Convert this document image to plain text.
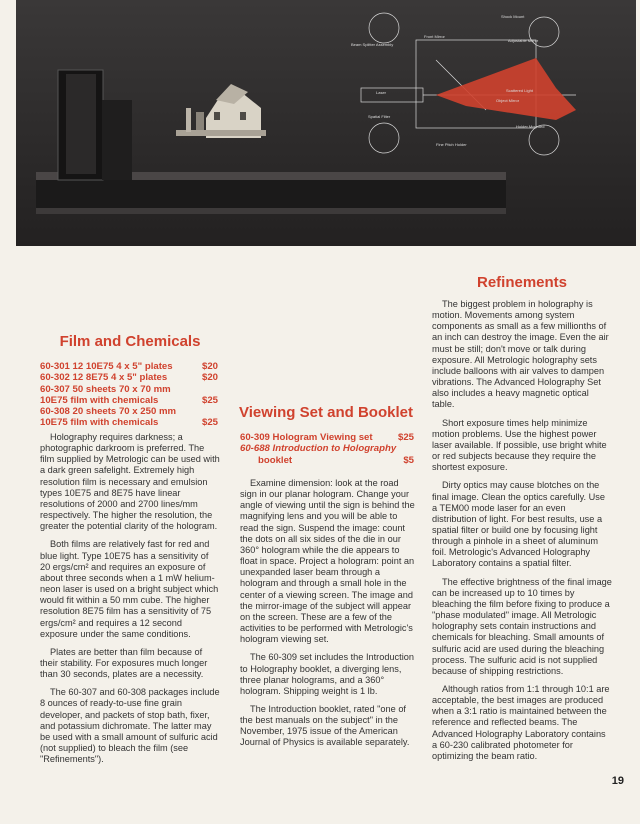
Shock Mount
Beam Splitter Assembly
Front Mirror
Adjustable Mirror
Laser	Scattered Light
Spatial Filter
Object Mirror
Fine Pitch Holder
Holder Mounted
Film and Chemicals
60-301 12 10E75 4 x 5" plates	$20
60-302 12 8E75 4 x 5" plates	$20
60-307 50 sheets 70 x 70 mm
10E75 film with chemicals	$25
60-308 20 sheets 70 x 250 mm
10E75 film with chemicals	$25

Holography requires darkness; a photographic darkroom is preferred. The film supplied by Metrologic can be used with a dark green safelight. Extremely high resolution film is necessary and emulsion types 10E75 and 8E75 have linear resolutions of 2000 and 2700 lines/mm respectively. The higher the resolution, the greater the potential clarity of the hologram.

Both films are relatively fast for red and blue light. Type 10E75 has a sensitivity of 20 ergs/cm² and requires an exposure of about three seconds when a 1 mW helium-neon laser is used on a bright subject which would fit within a 50 mm cube. The higher resolution 8E75 film has a sensitivity of 75 ergs/cm² and requires a 12 second exposure under the same conditions.

Plates are better than film because of their stability. For exposures much longer than 30 seconds, plates are a necessity.

The 60-307 and 60-308 packages include 8 ounces of ready-to-use fine grain developer, and packets of stop bath, fixer, and potassium dichromate. The latter may be used with a small amount of sulfuric acid (not supplied) to bleach the film (see "Refinements").

Viewing Set and Booklet
60-309 Hologram Viewing set	$25
60-688 Introduction to Holography
booklet	$5

Examine dimension: look at the road sign in our planar hologram. Change your angle of viewing until the sign is behind the magnifying lens and you will be able to read the sign. Suspend the image: count the dots on all six sides of the die in our 360° hologram while the die appears to float in space. Project a hologram: point an unexpanded laser beam through a hologram and through a small hole in the center of a viewing screen. The image and the mirror-image of the subject will appear on the screen. These are a few of the activities to be performed with Metrologic's hologram viewing set.

The 60-309 set includes the Introduction to Holography booklet, a diverging lens, three planar holograms, and a 360° hologram. Shipping weight is 1 lb.

The Introduction booklet, rated "one of the best manuals on the subject" in the November, 1975 issue of the American Journal of Physics is available separately.

Refinements

The biggest problem in holography is motion. Movements among system components as small as a few millionths of an inch can destroy the image. Even the air must be still; don't move or talk during exposure. All Metrologic holography sets include balloons with air valves to dampen vibrations. The Advanced Holography Set also includes a heavy magnetic optical table.

Short exposure times help minimize motion problems. Use the highest power laser available. If possible, use bright white or red subjects because they require the shortest exposure.

Dirty optics may cause blotches on the final image. Clean the optics carefully. Use a TEM00 mode laser for an even distribution of light. For best results, use a spatial filter or build one by focusing light through a pinhole in a sheet of aluminum foil. Metrologic's Advanced Holography Laboratory contains a spatial filter.

The effective brightness of the final image can be increased up to 10 times by bleaching the film before fixing to produce a "phase modulated" image. All Metrologic holography sets contain instructions and chemicals for bleaching. Small amounts of sulfuric acid are used during the bleaching process. The sulfuric acid is not supplied because of shipping restrictions.

Although ratios from 1:1 through 10:1 are acceptable, the best images are produced when a 3:1 ratio is maintained between the reference and reflected beams. The Advanced Holography Laboratory contains a 60-230 calibrated photometer for optimizing the beam ratio.

19
